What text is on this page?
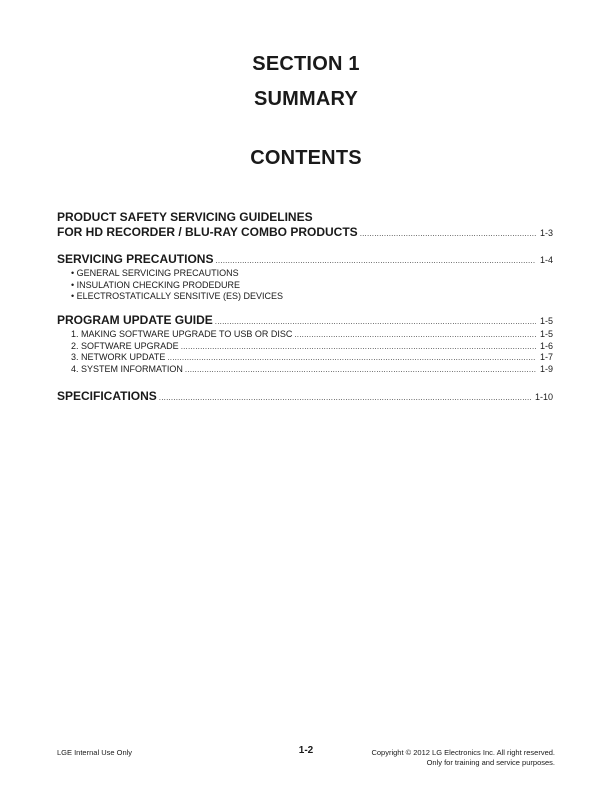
SECTION 1
SUMMARY
CONTENTS
PRODUCT SAFETY SERVICING GUIDELINES
FOR HD RECORDER / BLU-RAY COMBO PRODUCTS .....	1-3
SERVICING PRECAUTIONS .....	1-4
• GENERAL SERVICING PRECAUTIONS
• INSULATION CHECKING PRODEDURE
• ELECTROSTATICALLY SENSITIVE (ES) DEVICES
PROGRAM UPDATE GUIDE .....	1-5
1. MAKING SOFTWARE UPGRADE TO USB OR DISC .....	1-5
2. SOFTWARE UPGRADE .....	1-6
3. NETWORK UPDATE .....	1-7
4. SYSTEM INFORMATION .....	1-9
SPECIFICATIONS .....	1-10
LGE Internal Use Only	1-2	Copyright © 2012 LG Electronics Inc. All right reserved.
Only for training and service purposes.
